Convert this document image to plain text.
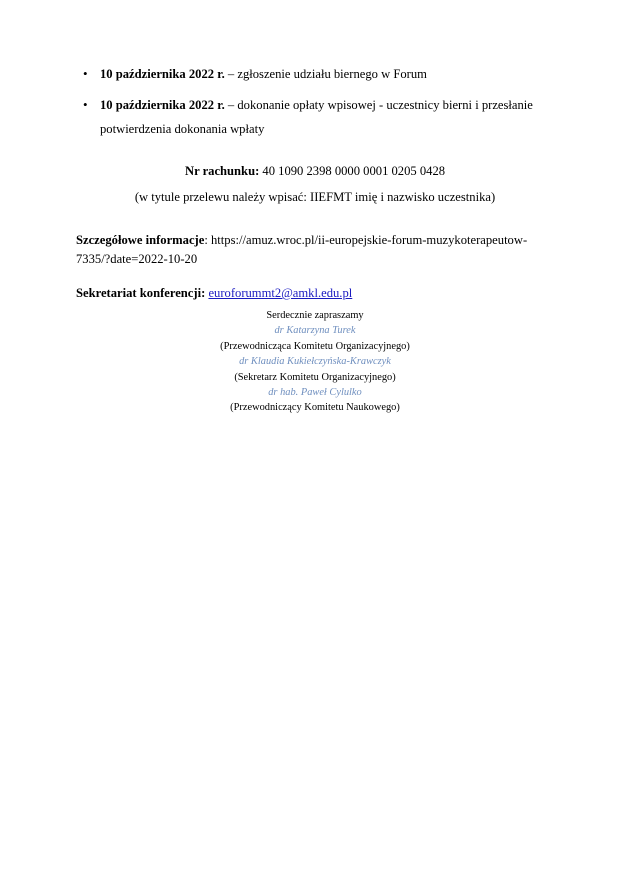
• 10 października 2022 r. – zgłoszenie udziału biernego w Forum
• 10 października 2022 r. – dokonanie opłaty wpisowej - uczestnicy bierni i przesłanie potwierdzenia dokonania wpłaty
Nr rachunku: 40 1090 2398 0000 0001 0205 0428
(w tytule przelewu należy wpisać: IIEFMT imię i nazwisko uczestnika)
Szczegółowe informacje: https://amuz.wroc.pl/ii-europejskie-forum-muzykoterapeutow-7335/?date=2022-10-20
Sekretariat konferencji: euroforummt2@amkl.edu.pl
Serdecznie zapraszamy
dr Katarzyna Turek
(Przewodnicząca Komitetu Organizacyjnego)
dr Klaudia Kukiełczyńska-Krawczyk
(Sekretarz Komitetu Organizacyjnego)
dr hab. Paweł Cylulko
(Przewodniczący Komitetu Naukowego)
